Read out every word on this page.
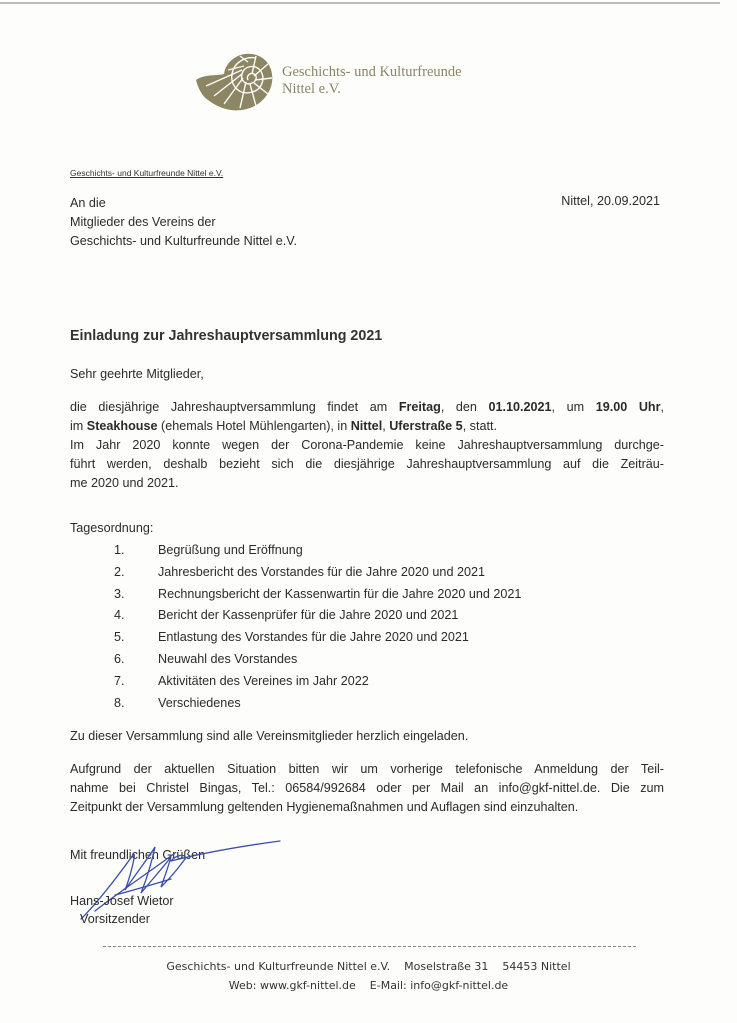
Geschichts- und Kulturfreunde
Nittel e.V.
Geschichts- und Kulturfreunde Nittel e.V.
An die
Mitglieder des Vereins der
Geschichts- und Kulturfreunde Nittel e.V.
Nittel, 20.09.2021
Einladung zur Jahreshauptversammlung 2021
Sehr geehrte Mitglieder,
die diesjährige Jahreshauptversammlung findet am Freitag, den 01.10.2021, um 19.00 Uhr,
im Steakhouse (ehemals Hotel Mühlengarten), in Nittel, Uferstraße 5, statt.
Im Jahr 2020 konnte wegen der Corona-Pandemie keine Jahreshauptversammlung durchge-
führt werden, deshalb bezieht sich die diesjährige Jahreshauptversammlung auf die Zeiträu-
me 2020 und 2021.
Tagesordnung:
1.	Begrüßung und Eröffnung
2.	Jahresbericht des Vorstandes für die Jahre 2020 und 2021
3.	Rechnungsbericht der Kassenwartin für die Jahre 2020 und 2021
4.	Bericht der Kassenprüfer für die Jahre 2020 und 2021
5.	Entlastung des Vorstandes für die Jahre 2020 und 2021
6.	Neuwahl des Vorstandes
7.	Aktivitäten des Vereines im Jahr 2022
8.	Verschiedenes
Zu dieser Versammlung sind alle Vereinsmitglieder herzlich eingeladen.
Aufgrund der aktuellen Situation bitten wir um vorherige telefonische Anmeldung der Teil-
nahme bei Christel Bingas, Tel.: 06584/992684 oder per Mail an info@gkf-nittel.de. Die zum
Zeitpunkt der Versammlung geltenden Hygienemaßnahmen und Auflagen sind einzuhalten.
Mit freundlichen Grüßen
Hans-Josef Wietor
Vorsitzender
Geschichts- und Kulturfreunde Nittel e.V. Moselstraße 31 54453 Nittel
Web: www.gkf-nittel.de E-Mail: info@gkf-nittel.de
